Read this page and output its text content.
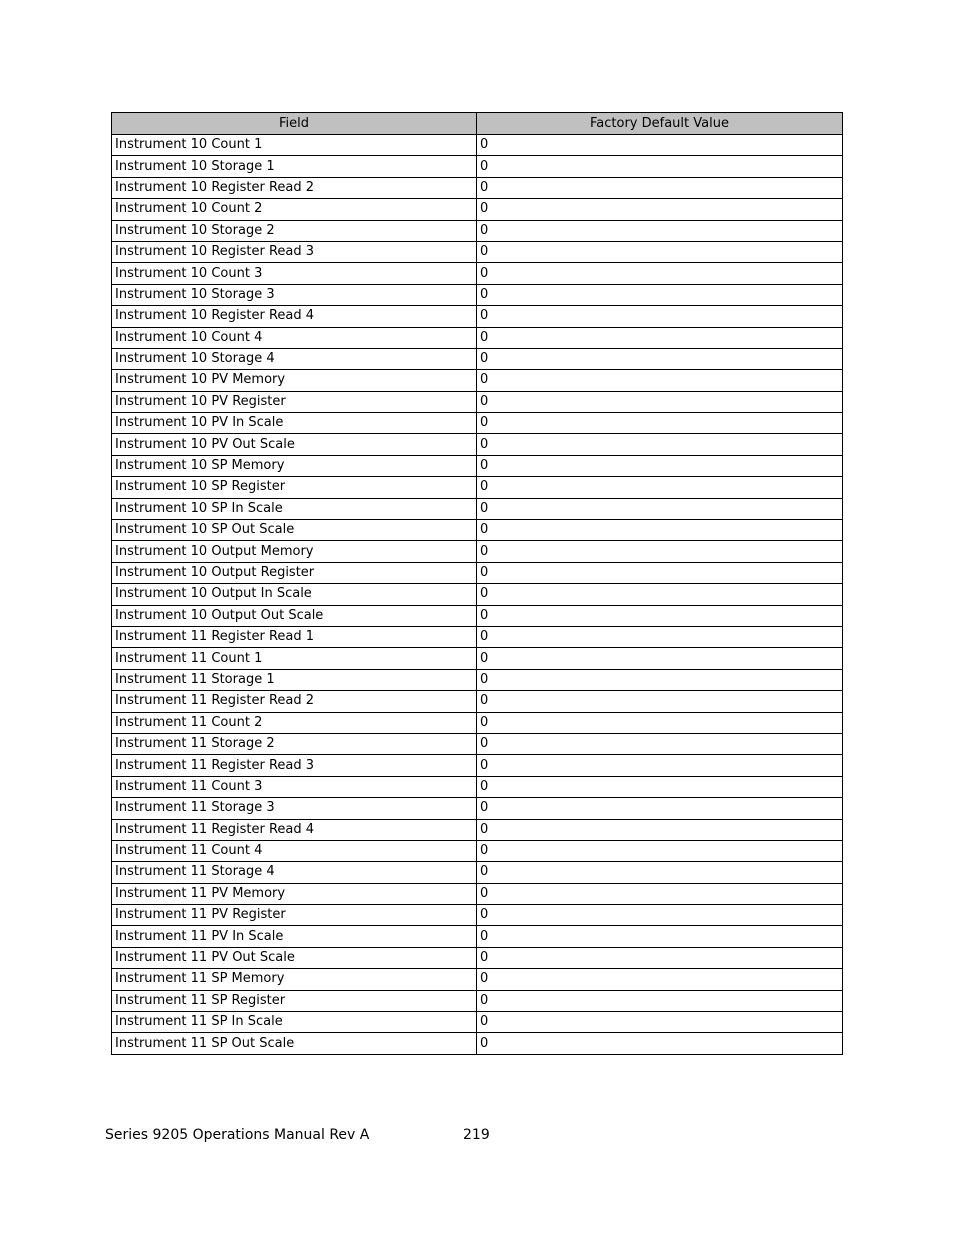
Field	Factory Default Value
Instrument 10 Count 1	0
Instrument 10 Storage 1	0
Instrument 10 Register Read 2	0
Instrument 10 Count 2	0
Instrument 10 Storage 2	0
Instrument 10 Register Read 3	0
Instrument 10 Count 3	0
Instrument 10 Storage 3	0
Instrument 10 Register Read 4	0
Instrument 10 Count 4	0
Instrument 10 Storage 4	0
Instrument 10 PV Memory	0
Instrument 10 PV Register	0
Instrument 10 PV In Scale	0
Instrument 10 PV Out Scale	0
Instrument 10 SP Memory	0
Instrument 10 SP Register	0
Instrument 10 SP In Scale	0
Instrument 10 SP Out Scale	0
Instrument 10 Output Memory	0
Instrument 10 Output Register	0
Instrument 10 Output In Scale	0
Instrument 10 Output Out Scale	0
Instrument 11 Register Read 1	0
Instrument 11 Count 1	0
Instrument 11 Storage 1	0
Instrument 11 Register Read 2	0
Instrument 11 Count 2	0
Instrument 11 Storage 2	0
Instrument 11 Register Read 3	0
Instrument 11 Count 3	0
Instrument 11 Storage 3	0
Instrument 11 Register Read 4	0
Instrument 11 Count 4	0
Instrument 11 Storage 4	0
Instrument 11 PV Memory	0
Instrument 11 PV Register	0
Instrument 11 PV In Scale	0
Instrument 11 PV Out Scale	0
Instrument 11 SP Memory	0
Instrument 11 SP Register	0
Instrument 11 SP In Scale	0
Instrument 11 SP Out Scale	0
Series 9205 Operations Manual Rev A	219
